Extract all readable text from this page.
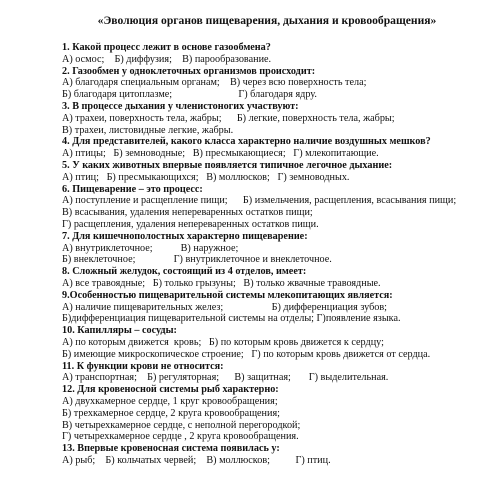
«Эволюция органов пищеварения, дыхания и кровообращения»
1. Какой процесс лежит в основе газообмена?
А) осмос;    Б) диффузия;    В) парообразование.
2. Газообмен у одноклеточных организмов происходит:
А) благодаря специальным органам;    В) через всю поверхность тела;
Б) благодаря цитоплазме;                          Г) благодаря ядру.
3. В процессе дыхания у членистоногих участвуют:
А) трахеи, поверхность тела, жабры;      Б) легкие, поверхность тела, жабры;
В) трахеи, листовидные легкие, жабры.
4. Для представителей, какого класса характерно наличие воздушных мешков?
А) птицы;   Б) земноводные;   В) пресмыкающиеся;   Г) млекопитающие.
5. У каких животных впервые появляется типичное легочное дыхание:
А) птиц;   Б) пресмыкающихся;   В) моллюсков;   Г) земноводных.
6. Пищеварение – это процесс:
А) поступление и расщепление пищи;      Б) измельчения, расщепления, всасывания пищи;
В) всасывания, удаления непереваренных остатков пищи;
Г) расщепления, удаления непереваренных остатков пищи.
7. Для кишечнополостных характерно пищеварение:
А) внутриклеточное;           В) наружное;
Б) внеклеточное;               Г) внутриклеточное и внеклеточное.
8. Сложный желудок, состоящий из 4 отделов, имеет:
А) все травоядные;   Б) только грызуны;   В) только жвачные травоядные.
9.Особенностью пищеварительной системы млекопитающих является:
А) наличие пищеварительных желез;                   Б) дифференциация зубов;
Б)дифференциация пищеварительной системы на отделы; Г)появление языка.
10. Капилляры – сосуды:
А) по которым движется  кровь;   Б) по которым кровь движется к сердцу;
Б) имеющие микроскопическое строение;   Г) по которым кровь движется от сердца.
11. К функции крови не относится:
А) транспортная;    Б) регуляторная;      В) защитная;       Г) выделительная.
12. Для кровеносной системы рыб характерно:
А) двухкамерное сердце, 1 круг кровообращения;
Б) трехкамерное сердце, 2 круга кровообращения;
В) четырехкамерное сердце, с неполной перегородкой;
Г) четырехкамерное сердце , 2 круга кровообращения.
13. Впервые кровеносная система появилась у:
А) рыб;    Б) кольчатых червей;    В) моллюсков;          Г) птиц.
